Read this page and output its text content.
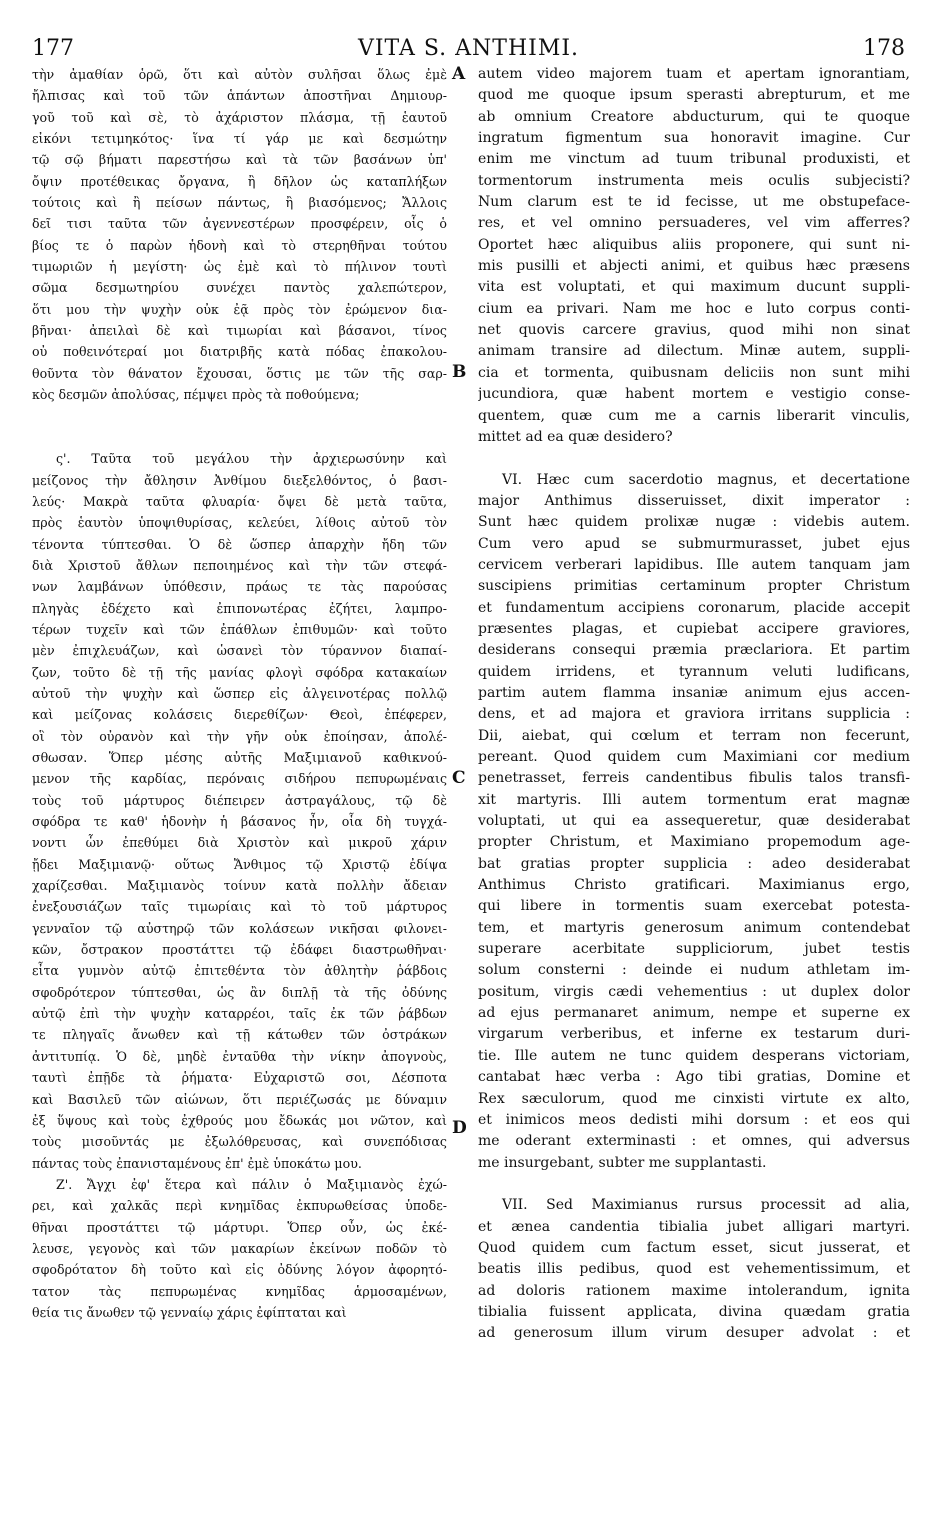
177	VITA S. ANTHIMI.	178
A
B
C
D
τὴν ἀμαθίαν ὁρῶ, ὅτι καὶ αὐτὸν συλῆσαι ὅλως ἐμὲ
ἤλπισας καὶ τοῦ τῶν ἁπάντων ἀποστῆναι Δημιουρ-
γοῦ τοῦ καὶ σὲ, τὸ ἀχάριστον πλάσμα, τῇ ἑαυτοῦ
εἰκόνι τετιμηκότος· ἵνα τί γάρ με καὶ δεσμώτην
τῷ σῷ βήματι παρεστήσω καὶ τὰ τῶν βασάνων ὑπ'
ὄψιν προτέθεικας ὄργανα, ἢ δῆλον ὡς καταπλήξων
τούτοις καὶ ἢ πείσων πάντως, ἢ βιασόμενος; Ἄλλοις
δεῖ τισι ταῦτα τῶν ἀγεννεστέρων προσφέρειν, οἷς ὁ
βίος τε ὁ παρὼν ἡδονὴ καὶ τὸ στερηθῆναι τούτου
τιμωριῶν ἡ μεγίστη· ὡς ἐμὲ καὶ τὸ πήλινον τουτὶ
σῶμα δεσμωτηρίου συνέχει παντὸς χαλεπώτερον,
ὅτι μου τὴν ψυχὴν οὐκ ἐᾷ πρὸς τὸν ἐρώμενον δια-
βῆναι· ἀπειλαὶ δὲ καὶ τιμωρίαι καὶ βάσανοι, τίνος
οὐ ποθεινότεραί μοι διατριβῆς κατὰ πόδας ἐπακολου-
θοῦντα τὸν θάνατον ἔχουσαι, ὅστις με τῶν τῆς σαρ-
κὸς δεσμῶν ἀπολύσας, πέμψει πρὸς τὰ ποθούμενα;
ς'. Ταῦτα τοῦ μεγάλου τὴν ἀρχιερωσύνην καὶ
μείζονος τὴν ἄθλησιν Ἀνθίμου διεξελθόντος, ὁ βασι-
λεύς· Μακρὰ ταῦτα φλυαρία· ὄψει δὲ μετὰ ταῦτα,
πρὸς ἑαυτὸν ὑποψιθυρίσας, κελεύει, λίθοις αὐτοῦ τὸν
τένοντα τύπτεσθαι. Ὁ δὲ ὥσπερ ἀπαρχὴν ἤδη τῶν
διὰ Χριστοῦ ἄθλων πεποιημένος καὶ τὴν τῶν στεφά-
νων λαμβάνων ὑπόθεσιν, πράως τε τὰς παρούσας
πληγὰς ἐδέχετο καὶ ἐπιπονωτέρας ἐζήτει, λαμπρο-
τέρων τυχεῖν καὶ τῶν ἐπάθλων ἐπιθυμῶν· καὶ τοῦτο
μὲν ἐπιχλευάζων, καὶ ὡσανεὶ τὸν τύραννον διαπαί-
ζων, τοῦτο δὲ τῇ τῆς μανίας φλογὶ σφόδρα κατακαίων
αὐτοῦ τὴν ψυχὴν καὶ ὥσπερ εἰς ἀλγεινοτέρας πολλῷ
καὶ μείζονας κολάσεις διερεθίζων· Θεοὶ, ἐπέφερεν,
οἳ τὸν οὐρανὸν καὶ τὴν γῆν οὐκ ἐποίησαν, ἀπολέ-
σθωσαν. Ὅπερ μέσης αὐτῆς Μαξιμιανοῦ καθικνού-
μενον τῆς καρδίας, περόναις σιδήρου πεπυρωμέναις
τοὺς τοῦ μάρτυρος διέπειρεν ἀστραγάλους, τῷ δὲ
σφόδρα τε καθ' ἡδονὴν ἡ βάσανος ἦν, οἷα δὴ τυγχά-
νοντι ὧν ἐπεθύμει διὰ Χριστὸν καὶ μικροῦ χάριν
ᾔδει Μαξιμιανῷ· οὕτως Ἄνθιμος τῷ Χριστῷ ἐδίψα
χαρίζεσθαι. Μαξιμιανὸς τοίνυν κατὰ πολλὴν ἄδειαν
ἐνεξουσιάζων ταῖς τιμωρίαις καὶ τὸ τοῦ μάρτυρος
γενναῖον τῷ αὐστηρῷ τῶν κολάσεων νικῆσαι φιλονει-
κῶν, ὄστρακον προστάττει τῷ ἐδάφει διαστρωθῆναι·
εἶτα γυμνὸν αὐτῷ ἐπιτεθέντα τὸν ἀθλητὴν ῥάβδοις
σφοδρότερον τύπτεσθαι, ὡς ἂν διπλῇ τὰ τῆς ὀδύνης
αὐτῷ ἐπὶ τὴν ψυχὴν καταρρέοι, ταῖς ἐκ τῶν ῥάβδων
τε πληγαῖς ἄνωθεν καὶ τῇ κάτωθεν τῶν ὀστράκων
ἀντιτυπίᾳ. Ὁ δὲ, μηδὲ ἐνταῦθα τὴν νίκην ἀπογνοὺς,
ταυτὶ ἐπῇδε τὰ ῥήματα· Εὐχαριστῶ σοι, Δέσποτα
καὶ Βασιλεῦ τῶν αἰώνων, ὅτι περιέζωσάς με δύναμιν
ἐξ ὕψους καὶ τοὺς ἐχθρούς μου ἔδωκάς μοι νῶτον, καὶ
τοὺς μισοῦντάς με ἐξωλόθρευσας, καὶ συνεπόδισας
πάντας τοὺς ἐπανισταμένους ἐπ' ἐμὲ ὑποκάτω μου.
Ζ'. Ἄγχι ἐφ' ἕτερα καὶ πάλιν ὁ Μαξιμιανὸς ἐχώ-
ρει, καὶ χαλκᾶς περὶ κνημῖδας ἐκπυρωθείσας ὑποδε-
θῆναι προστάττει τῷ μάρτυρι. Ὅπερ οὖν, ὡς ἐκέ-
λευσε, γεγονὸς καὶ τῶν μακαρίων ἐκείνων ποδῶν τὸ
σφοδρότατον δὴ τοῦτο καὶ εἰς ὀδύνης λόγον ἀφορητό-
τατον τὰς πεπυρωμένας κνημῖδας ἁρμοσαμένων,
θεία τις ἄνωθεν τῷ γενναίῳ χάρις ἐφίπταται καὶ
autem video majorem tuam et apertam ignorantiam,
quod me quoque ipsum sperasti abrepturum, et me
ab omnium Creatore abducturum, qui te quoque
ingratum figmentum sua honoravit imagine. Cur
enim me vinctum ad tuum tribunal produxisti, et
tormentorum instrumenta meis oculis subjecisti?
Num clarum est te id fecisse, ut me obstupeface-
res, et vel omnino persuaderes, vel vim afferres?
Oportet hæc aliquibus aliis proponere, qui sunt ni-
mis pusilli et abjecti animi, et quibus hæc præsens
vita est voluptati, et qui maximum ducunt suppli-
cium ea privari. Nam me hoc e luto corpus conti-
net quovis carcere gravius, quod mihi non sinat
animam transire ad dilectum. Minæ autem, suppli-
cia et tormenta, quibusnam deliciis non sunt mihi
jucundiora, quæ habent mortem e vestigio conse-
quentem, quæ cum me a carnis liberarit vinculis,
mittet ad ea quæ desidero?
VI. Hæc cum sacerdotio magnus, et decertatione
major Anthimus disseruisset, dixit imperator :
Sunt hæc quidem prolixæ nugæ : videbis autem.
Cum vero apud se submurmurasset, jubet ejus
cervicem verberari lapidibus. Ille autem tanquam jam
suscipiens primitias certaminum propter Christum
et fundamentum accipiens coronarum, placide accepit
præsentes plagas, et cupiebat accipere graviores,
desiderans consequi præmia præclariora. Et partim
quidem irridens, et tyrannum veluti ludificans,
partim autem flamma insaniæ animum ejus accen-
dens, et ad majora et graviora irritans supplicia :
Dii, aiebat, qui cœlum et terram non fecerunt,
pereant. Quod quidem cum Maximiani cor medium
penetrasset, ferreis candentibus fibulis talos transfi-
xit martyris. Illi autem tormentum erat magnæ
voluptati, ut qui ea assequeretur, quæ desiderabat
propter Christum, et Maximiano propemodum age-
bat gratias propter supplicia : adeo desiderabat
Anthimus Christo gratificari. Maximianus ergo,
qui libere in tormentis suam exercebat potesta-
tem, et martyris generosum animum contendebat
superare acerbitate suppliciorum, jubet testis
solum consterni : deinde ei nudum athletam im-
positum, virgis cædi vehementius : ut duplex dolor
ad ejus permanaret animum, nempe et superne ex
virgarum verberibus, et inferne ex testarum duri-
tie. Ille autem ne tunc quidem desperans victoriam,
cantabat hæc verba : Ago tibi gratias, Domine et
Rex sæculorum, quod me cinxisti virtute ex alto,
et inimicos meos dedisti mihi dorsum : et eos qui
me oderant exterminasti : et omnes, qui adversus
me insurgebant, subter me supplantasti.
VII. Sed Maximianus rursus processit ad alia,
et ænea candentia tibialia jubet alligari martyri.
Quod quidem cum factum esset, sicut jusserat, et
beatis illis pedibus, quod est vehementissimum, et
ad doloris rationem maxime intolerandum, ignita
tibialia fuissent applicata, divina quædam gratia
ad generosum illum virum desuper advolat : et
